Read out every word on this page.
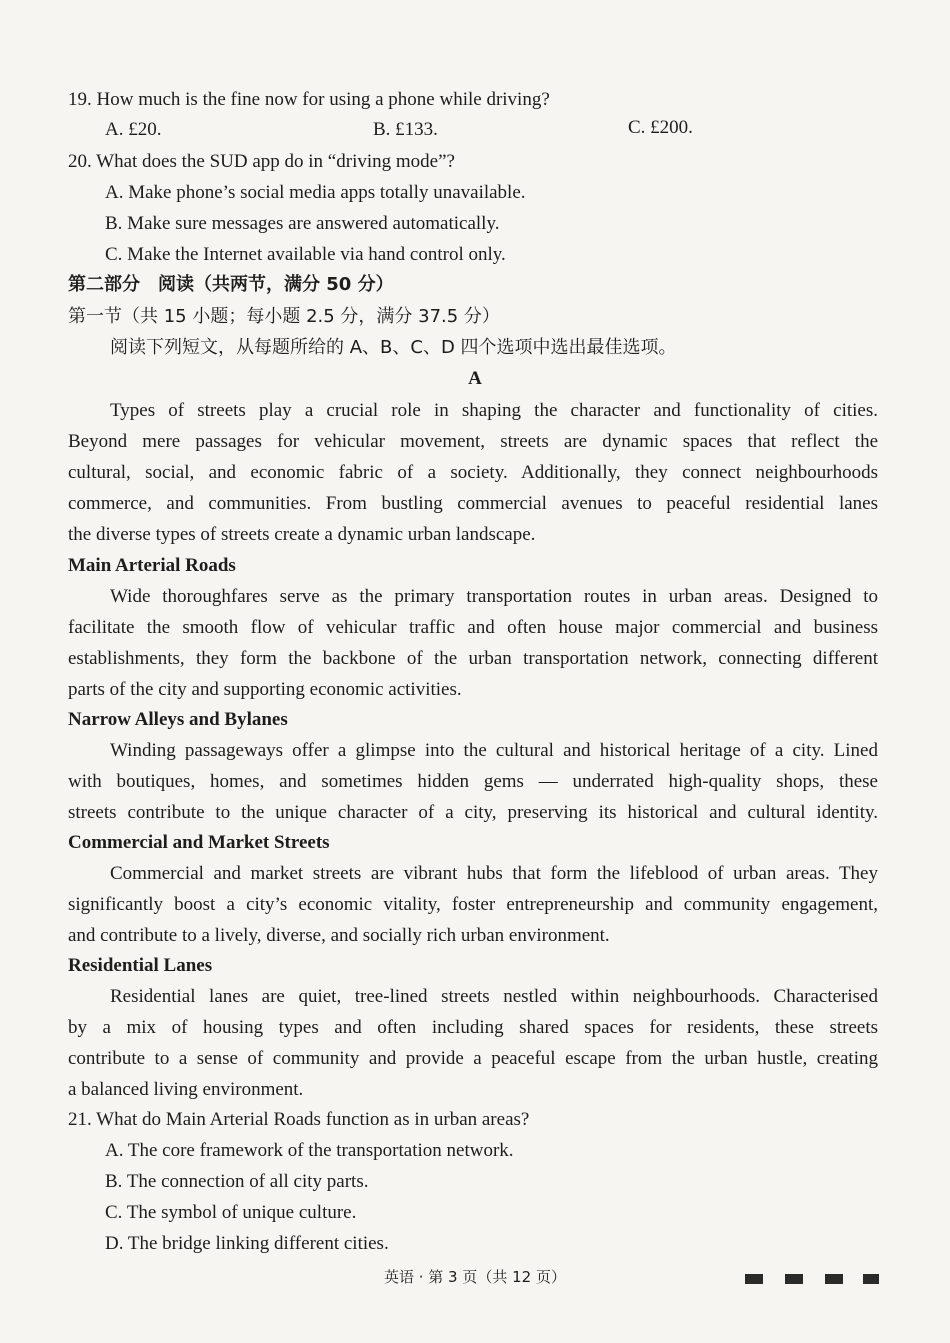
19. How much is the fine now for using a phone while driving?
A. £20.	B. £133.	C. £200.
20. What does the SUD app do in “driving mode”?
A. Make phone’s social media apps totally unavailable.
B. Make sure messages are answered automatically.
C. Make the Internet available via hand control only.
第二部分　阅读（共两节，满分 50 分）
第一节（共 15 小题；每小题 2.5 分，满分 37.5 分）
阅读下列短文，从每题所给的 A、B、C、D 四个选项中选出最佳选项。
A
Types of streets play a crucial role in shaping the character and functionality of cities.
Beyond mere passages for vehicular movement, streets are dynamic spaces that reflect the
cultural, social, and economic fabric of a society. Additionally, they connect neighbourhoods
commerce, and communities. From bustling commercial avenues to peaceful residential lanes
the diverse types of streets create a dynamic urban landscape.
Main Arterial Roads
Wide thoroughfares serve as the primary transportation routes in urban areas. Designed to
facilitate the smooth flow of vehicular traffic and often house major commercial and business
establishments, they form the backbone of the urban transportation network, connecting different
parts of the city and supporting economic activities.
Narrow Alleys and Bylanes
Winding passageways offer a glimpse into the cultural and historical heritage of a city. Lined
with boutiques, homes, and sometimes hidden gems — underrated high-quality shops, these
streets contribute to the unique character of a city, preserving its historical and cultural identity.
Commercial and Market Streets
Commercial and market streets are vibrant hubs that form the lifeblood of urban areas. They
significantly boost a city’s economic vitality, foster entrepreneurship and community engagement,
and contribute to a lively, diverse, and socially rich urban environment.
Residential Lanes
Residential lanes are quiet, tree-lined streets nestled within neighbourhoods. Characterised
by a mix of housing types and often including shared spaces for residents, these streets
contribute to a sense of community and provide a peaceful escape from the urban hustle, creating
a balanced living environment.
21. What do Main Arterial Roads function as in urban areas?
A. The core framework of the transportation network.
B. The connection of all city parts.
C. The symbol of unique culture.
D. The bridge linking different cities.
英语 · 第 3 页（共 12 页）
